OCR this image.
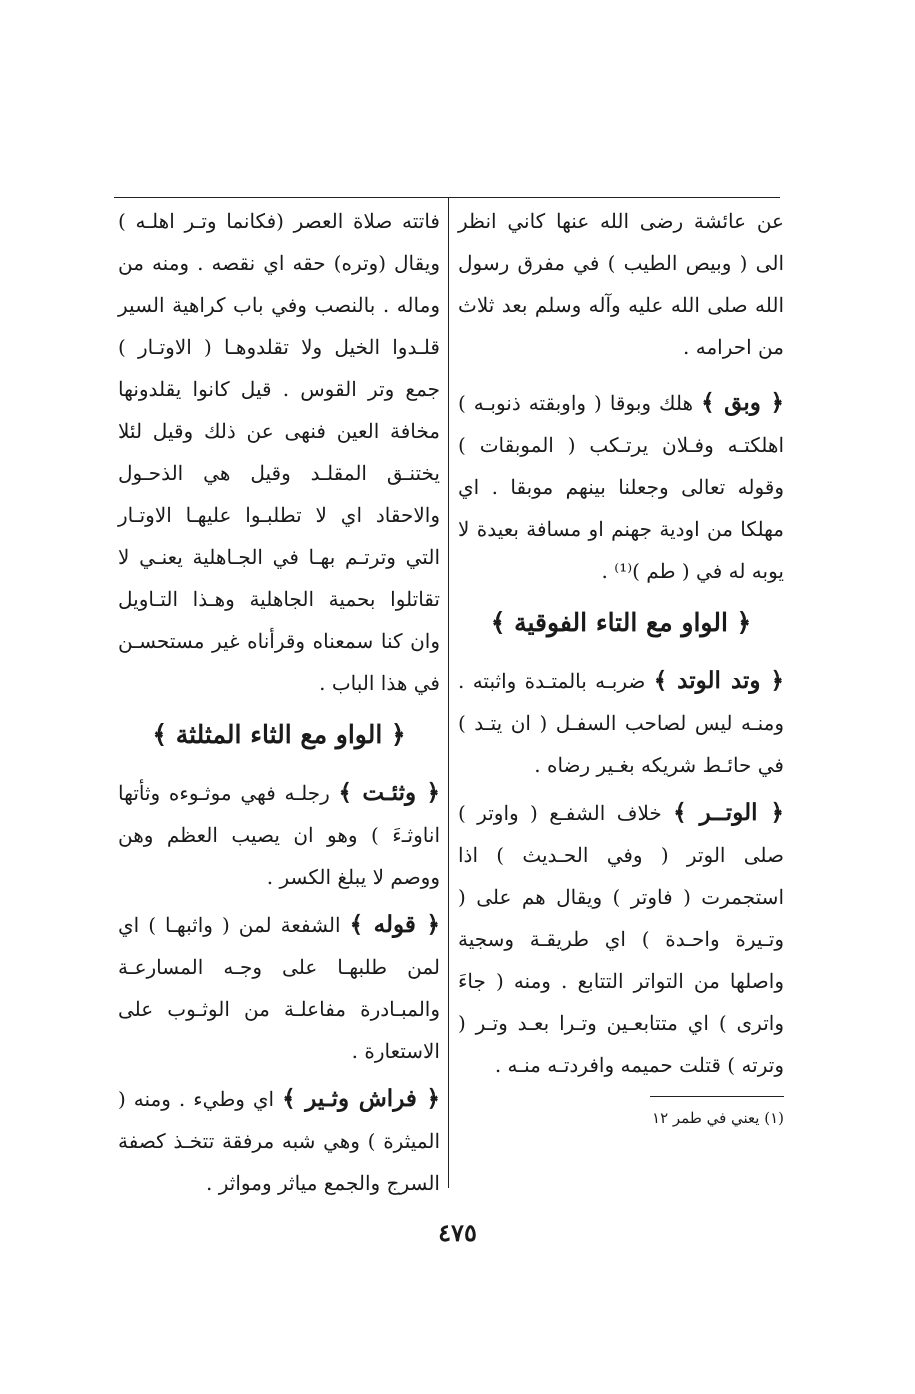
عن عائشة رضى الله عنها كاني انظر الى ( وبيص الطيب ) في مفرق رسول الله صلى الله عليه وآله وسلم بعد ثلاث من احرامه .

﴿ وبق ﴾ هلك وبوقا ( واوبقته ذنوبـه ) اهلكتـه وفـلان يرتـكب ( الموبقات ) وقوله تعالى وجعلنا بينهم موبقا . اي مهلكا من اودية جهنم او مسافة بعيدة لا يوبه له في ( طم )⁽¹⁾ .

﴿ الواو مع التاء الفوقية ﴾

﴿ وتد الوتد ﴾ ضربـه بالمتـدة واثبته . ومنـه ليس لصاحب السفـل ( ان يتـد ) في حائـط شريكه بغـير رضاه .

﴿ الوتــر ﴾ خلاف الشفـع ( واوتر ) صلى الوتر ( وفي الحـديث ) اذا استجمرت ( فاوتر ) ويقال هم على ( وتـيرة واحـدة ) اي طريقـة وسجية واصلها من التواتر التتابع . ومنه ( جاءَ واترى ) اي متتابعـين وتـرا بعـد وتـر ( وترته ) قتلت حميمه وافردتـه منـه .

(١) يعني في طمر ١٢

فاتته صلاة العصر (فكانما وتـر اهلـه ) ويقال (وتره) حقه اي نقصه . ومنه من وماله . بالنصب وفي باب كراهية السير قلـدوا الخيل ولا تقلدوهـا ( الاوتـار ) جمع وتر القوس . قيل كانوا يقلدونها مخافة العين فنهى عن ذلك وقيل لئلا يختنـق المقلـد وقيل هي الذحـول والاحقاد اي لا تطلبـوا عليهـا الاوتـار التي وترتـم بهـا في الجـاهلية يعنـي لا تقاتلوا بحمية الجاهلية وهـذا التـاويل وان كنا سمعناه وقرأناه غير مستحسـن في هذا الباب .

﴿ الواو مع الثاء المثلثة ﴾

﴿ وثئـت ﴾ رجلـه فهي موثـوءه وثأتها اناوثـءَ ) وهو ان يصيب العظم وهن ووصم لا يبلغ الكسر .

﴿ قوله ﴾ الشفعة لمن ( واثبهـا ) اي لمن طلبهـا على وجـه المسارعـة والمبـادرة مفاعلـة من الوثـوب على الاستعارة .

﴿ فراش وثـير ﴾ اي وطيء . ومنه ( الميثرة ) وهي شبه مرفقة تتخـذ كصفة السرج والجمع مياثر ومواثر .

٤٧٥
